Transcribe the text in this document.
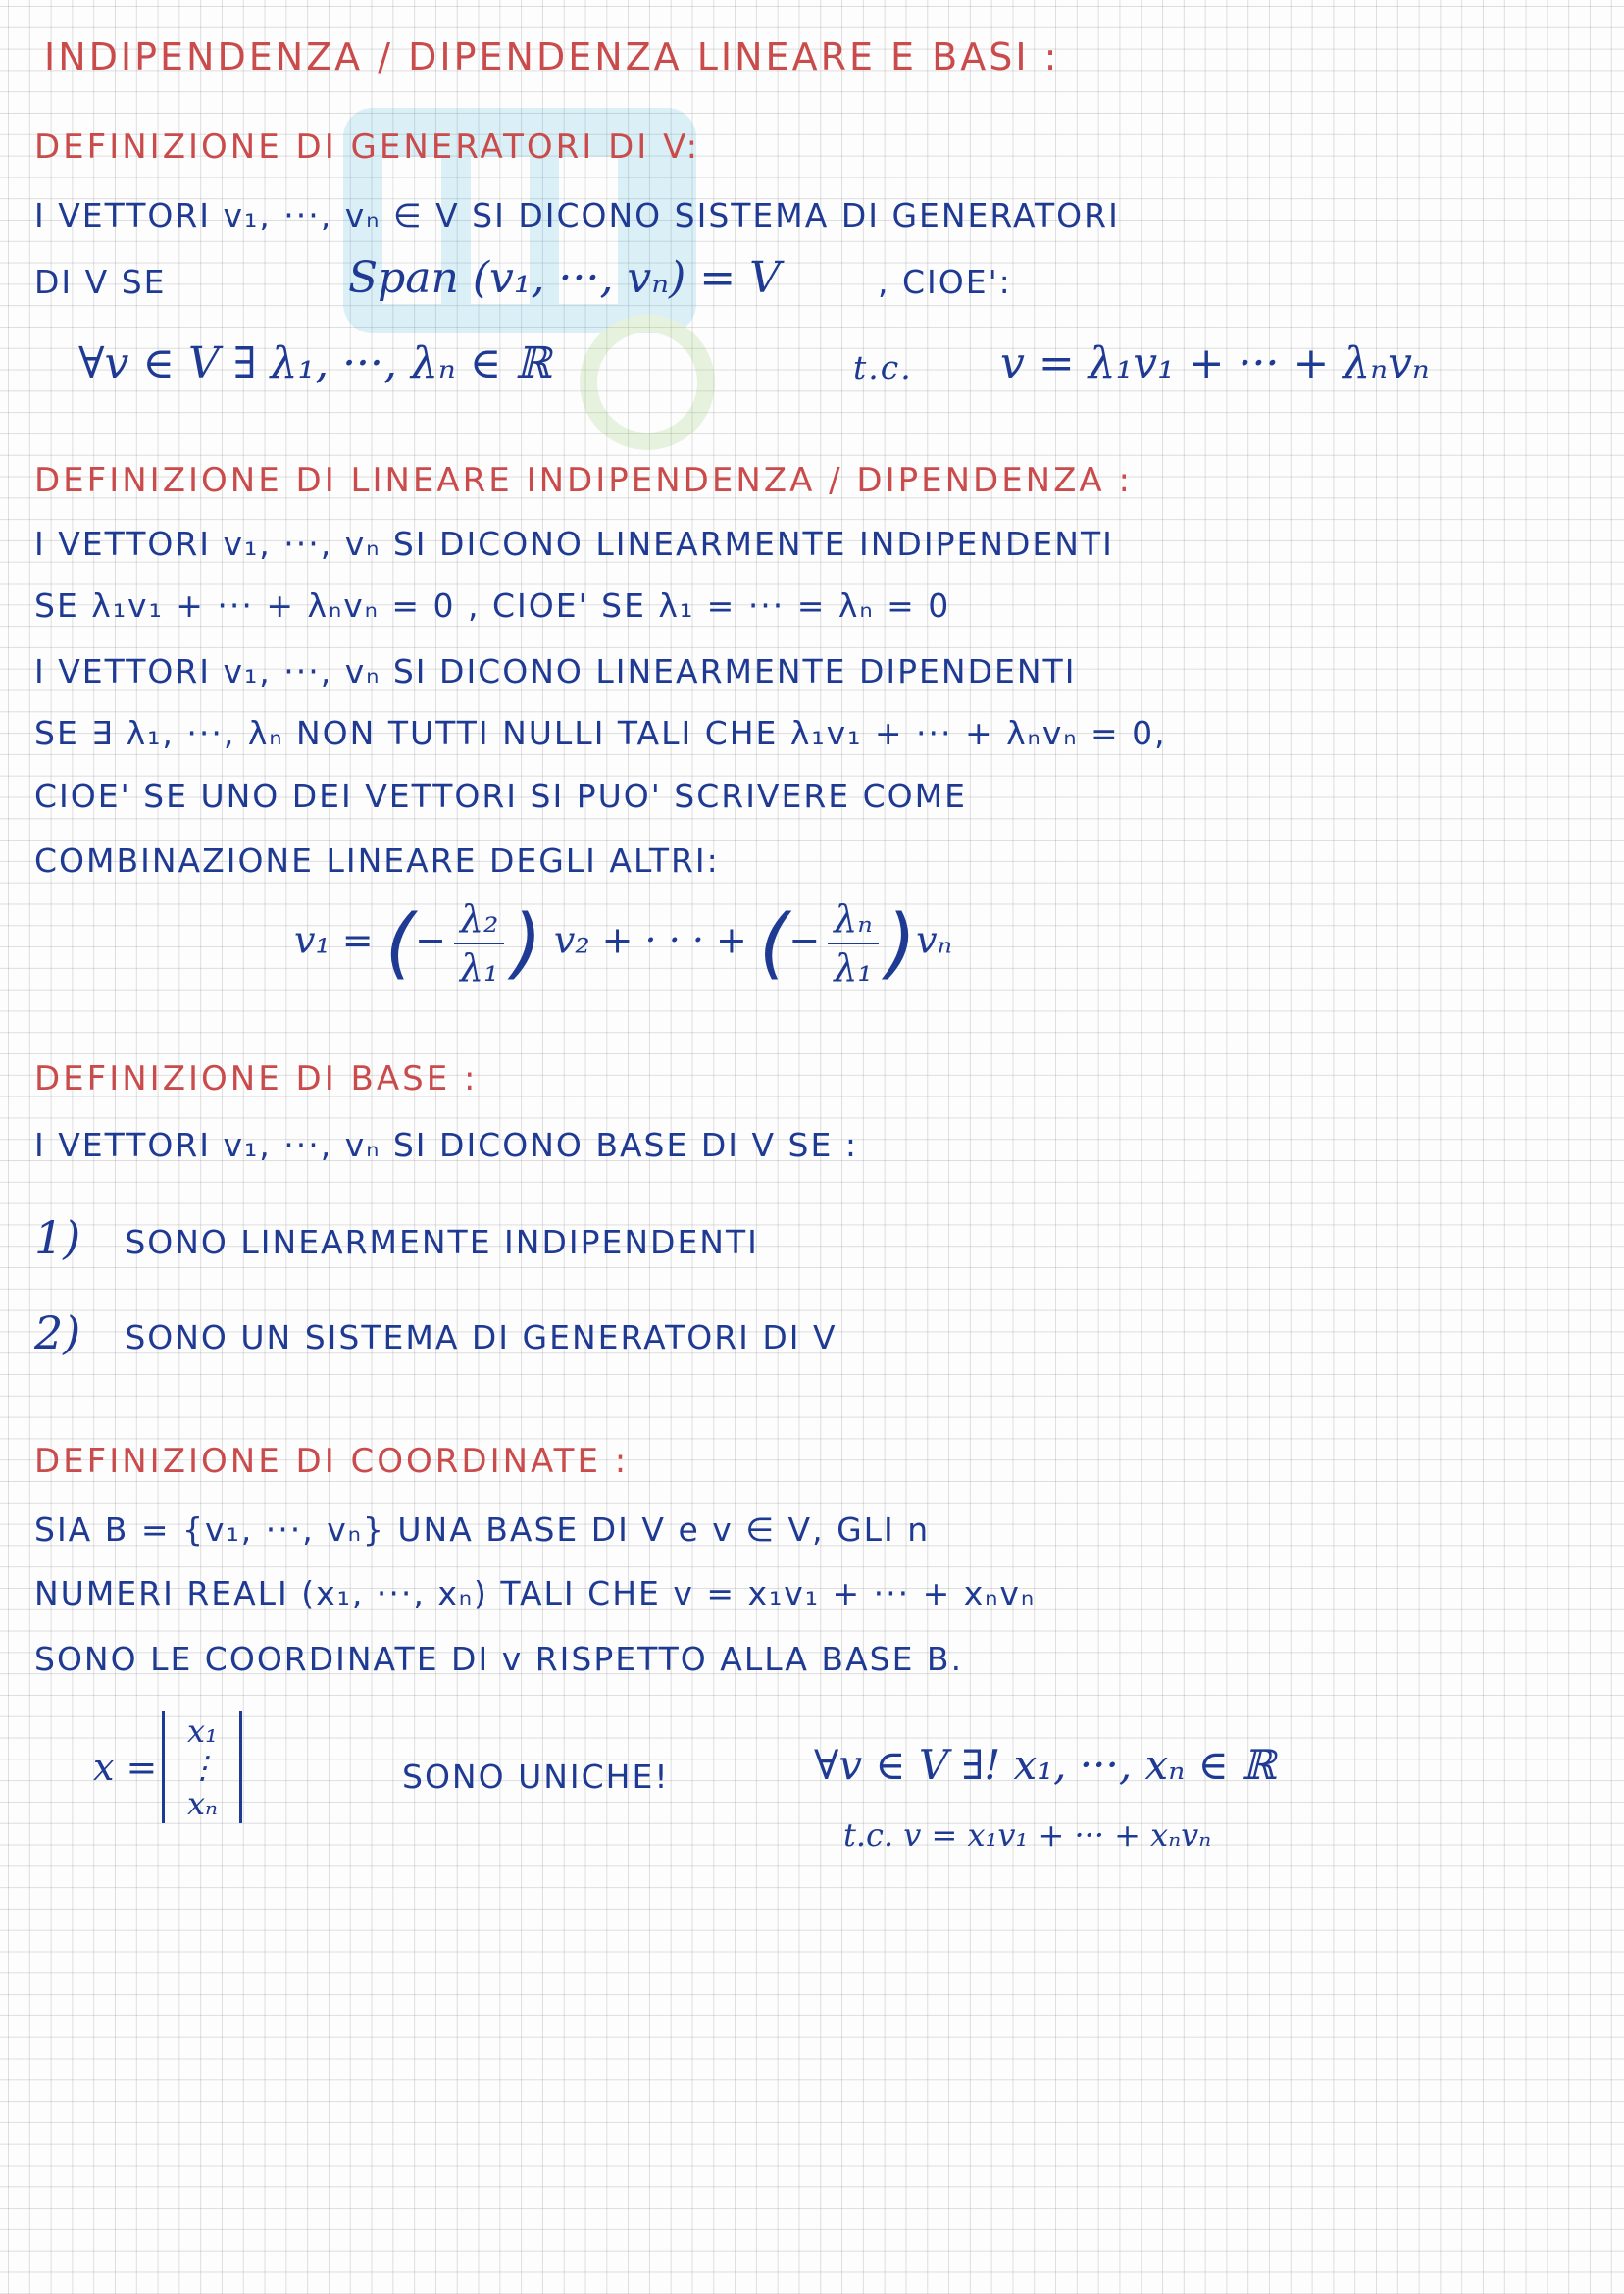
INDIPENDENZA / DIPENDENZA LINEARE E BASI :
DEFINIZIONE DI GENERATORI DI V:
I VETTORI v₁, ···, vₙ ∈ V SI DICONO SISTEMA DI GENERATORI
DI V SE	Span (v₁, ···, vₙ) = V	, CIOE':
∀v ∈ V ∃ λ₁, ···, λₙ ∈ ℝ	t.c. v = λ₁v₁ + ··· + λₙvₙ
DEFINIZIONE DI LINEARE INDIPENDENZA / DIPENDENZA :
I VETTORI v₁, ···, vₙ SI DICONO LINEARMENTE INDIPENDENTI
SE λ₁v₁ + ··· + λₙvₙ = 0 , CIOE' SE λ₁ = ··· = λₙ = 0
I VETTORI v₁, ···, vₙ SI DICONO LINEARMENTE DIPENDENTI
SE ∃ λ₁, ···, λₙ NON TUTTI NULLI TALI CHE λ₁v₁ + ··· + λₙvₙ = 0,
CIOE' SE UNO DEI VETTORI SI PUO' SCRIVERE COME
COMBINAZIONE LINEARE DEGLI ALTRI:
v₁ = (− $\frac{\text{λ₂}}{\text{λ₁}}$ ) v₂ + · · · + (− $\frac{\text{λₙ}}{\text{λ₁}} )v_n$
DEFINIZIONE DI BASE :
I VETTORI v₁, ···, vₙ SI DICONO BASE DI V SE :
1) SONO LINEARMENTE INDIPENDENTI
2) SONO UN SISTEMA DI GENERATORI DI V
DEFINIZIONE DI COORDINATE :
SIA B = {v₁, ···, vₙ} UNA BASE DI V e v ∈ V, GLI n
NUMERI REALI (x₁, ···, xₙ) TALI CHE v = x₁v₁ + ··· + xₙvₙ
SONO LE COORDINATE DI v RISPETTO ALLA BASE B.
x =
x₁
⋮
xₙ
SONO UNICHE!	∀v ∈ V ∃! x₁, ···, xₙ ∈ ℝ
t.c. v = x₁v₁ + ··· + xₙvₙ
